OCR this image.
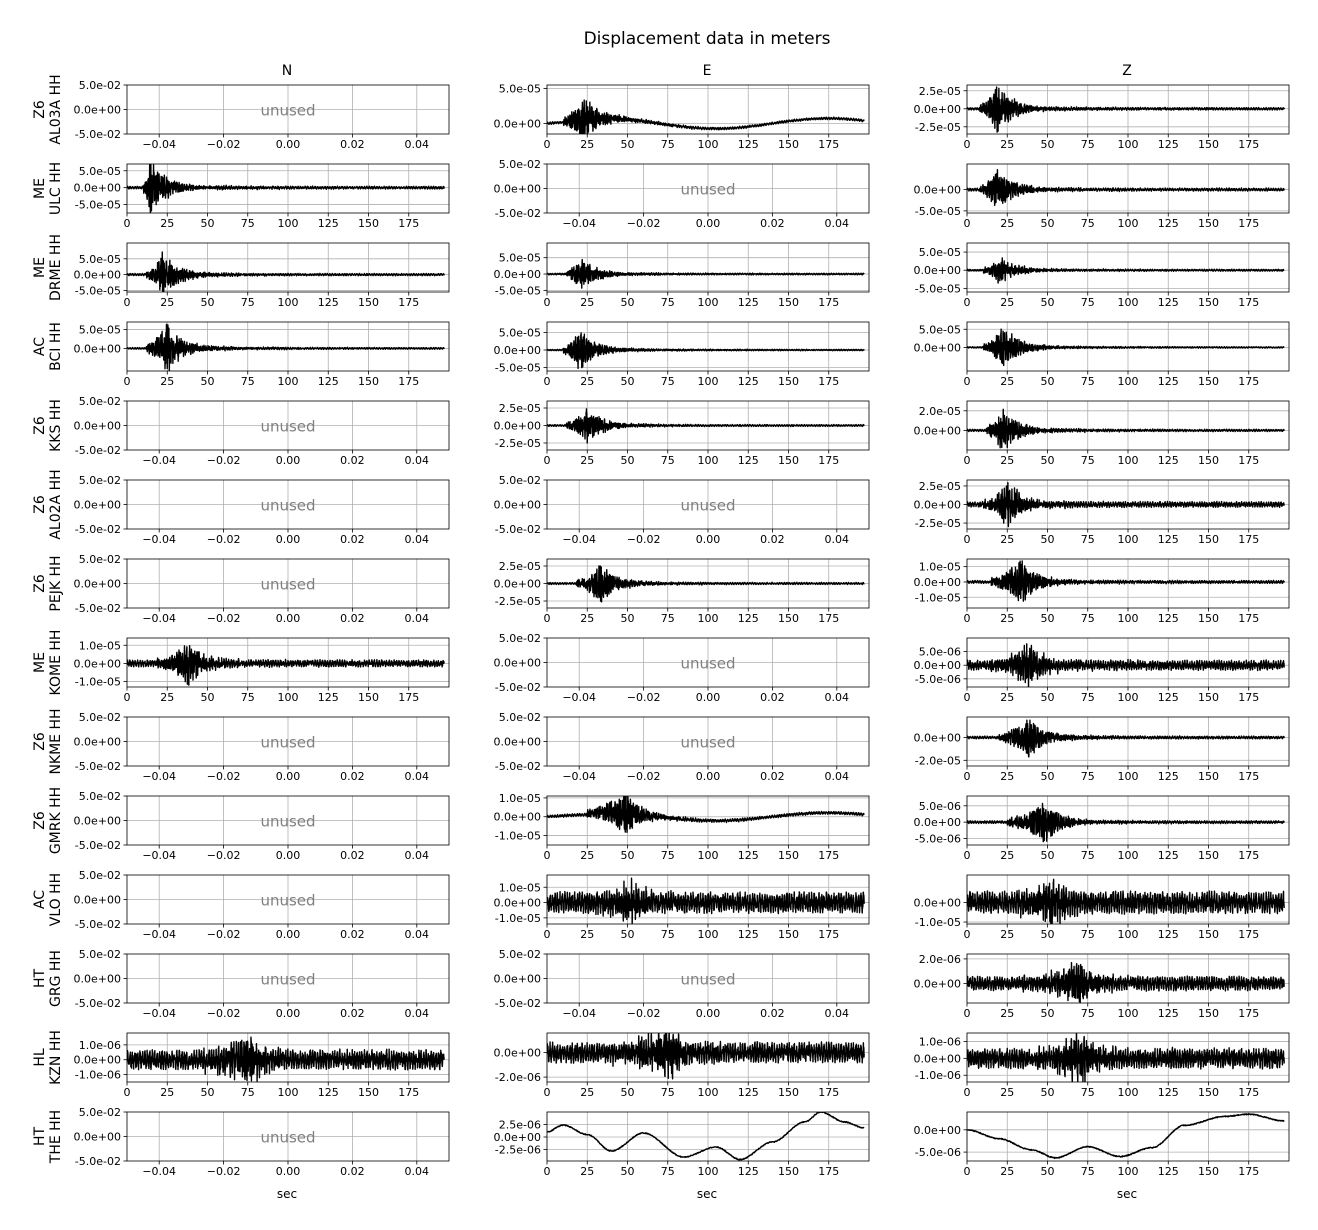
Displacement data in meters
N	E	Z
sec	sec	sec
Z6 AL03A HH	−0.04	−0.02	0.00	0.02	0.04
5.0e-02
0.0e+00
-5.0e-02
unused
0	25 50 75 100 125 150 175
5.0e-05
0.0e+00
0	25 50 75 100 125 150 175
2.5e-05
0.0e+00
-2.5e-05
ME ULC HH
0	25 50 75 100 125 150 175
5.0e-05
0.0e+00
-5.0e-05
−0.04	−0.02	0.00	0.02	0.04
5.0e-02
0.0e+00
-5.0e-02
unused
0	25 50 75 100 125 150 175
0.0e+00
-5.0e-05
ME DRME HH
0	25 50 75 100 125 150 175
5.0e-05
0.0e+00
-5.0e-05
0	25 50 75 100 125 150 175
5.0e-05
0.0e+00
-5.0e-05
0	25 50 75 100 125 150 175
5.0e-05
0.0e+00
-5.0e-05
AC BCI HH
0	25 50 75 100 125 150 175
5.0e-05
0.0e+00
0	25 50 75 100 125 150 175
5.0e-05
0.0e+00
-5.0e-05
0	25 50 75 100 125 150 175
5.0e-05
0.0e+00
Z6 KKS HH
−0.04	−0.02	0.00	0.02	0.04
5.0e-02
0.0e+00
-5.0e-02
unused
0	25 50 75 100 125 150 175
2.5e-05
0.0e+00
-2.5e-05
0	25 50 75 100 125 150 175
2.0e-05
0.0e+00
Z6 AL02A HH	−0.04	−0.02	0.00	0.02	0.04
5.0e-02
0.0e+00
-5.0e-02
unused
−0.04	−0.02	0.00	0.02	0.04
5.0e-02
0.0e+00
-5.0e-02
unused
0	25 50 75 100 125 150 175
2.5e-05
0.0e+00
-2.5e-05
Z6 PEJK HH
−0.04	−0.02	0.00	0.02	0.04
5.0e-02
0.0e+00
-5.0e-02
unused
0	25 50 75 100 125 150 175
2.5e-05
0.0e+00
-2.5e-05
0	25 50 75 100 125 150 175
1.0e-05
0.0e+00
-1.0e-05
ME KOME HH
0	25 50 75 100 125 150 175
1.0e-05
0.0e+00
-1.0e-05
−0.04	−0.02	0.00	0.02	0.04
5.0e-02
0.0e+00
-5.0e-02
unused
0	25 50 75 100 125 150 175
5.0e-06
0.0e+00
-5.0e-06
Z6 NKME HH
−0.04	−0.02	0.00	0.02	0.04
5.0e-02
0.0e+00
-5.0e-02
unused
−0.04	−0.02	0.00	0.02	0.04
5.0e-02
0.0e+00
-5.0e-02
unused
0	25 50 75 100 125 150 175
0.0e+00
-2.0e-05
Z6 GMRK HH
−0.04	−0.02	0.00	0.02	0.04
5.0e-02
0.0e+00
-5.0e-02
unused
0	25 50 75 100 125 150 175
1.0e-05
0.0e+00
-1.0e-05
0	25 50 75 100 125 150 175
5.0e-06
0.0e+00
-5.0e-06
AC VLO HH
−0.04	−0.02	0.00	0.02	0.04
5.0e-02
0.0e+00
-5.0e-02
unused
0	25 50 75 100 125 150 175
1.0e-05
0.0e+00
-1.0e-05
0	25 50 75 100 125 150 175
0.0e+00
-1.0e-05
HT GRG HH
−0.04	−0.02	0.00	0.02	0.04
5.0e-02
0.0e+00
-5.0e-02
unused
−0.04	−0.02	0.00	0.02	0.04
5.0e-02
0.0e+00
-5.0e-02
unused
0	25 50 75 100 125 150 175
2.0e-06
0.0e+00
HL KZN HH
0	25 50 75 100 125 150 175
1.0e-06
0.0e+00
-1.0e-06
0	25 50 75 100 125 150 175
0.0e+00
-2.0e-06
0	25 50 75 100 125 150 175
1.0e-06
0.0e+00
-1.0e-06
HT THE HH
−0.04	−0.02	0.00	0.02	0.04
5.0e-02
0.0e+00
-5.0e-02
unused
0	25 50 75 100 125 150 175
2.5e-06
0.0e+00
-2.5e-06
0	25 50 75 100 125 150 175
0.0e+00
-5.0e-06
